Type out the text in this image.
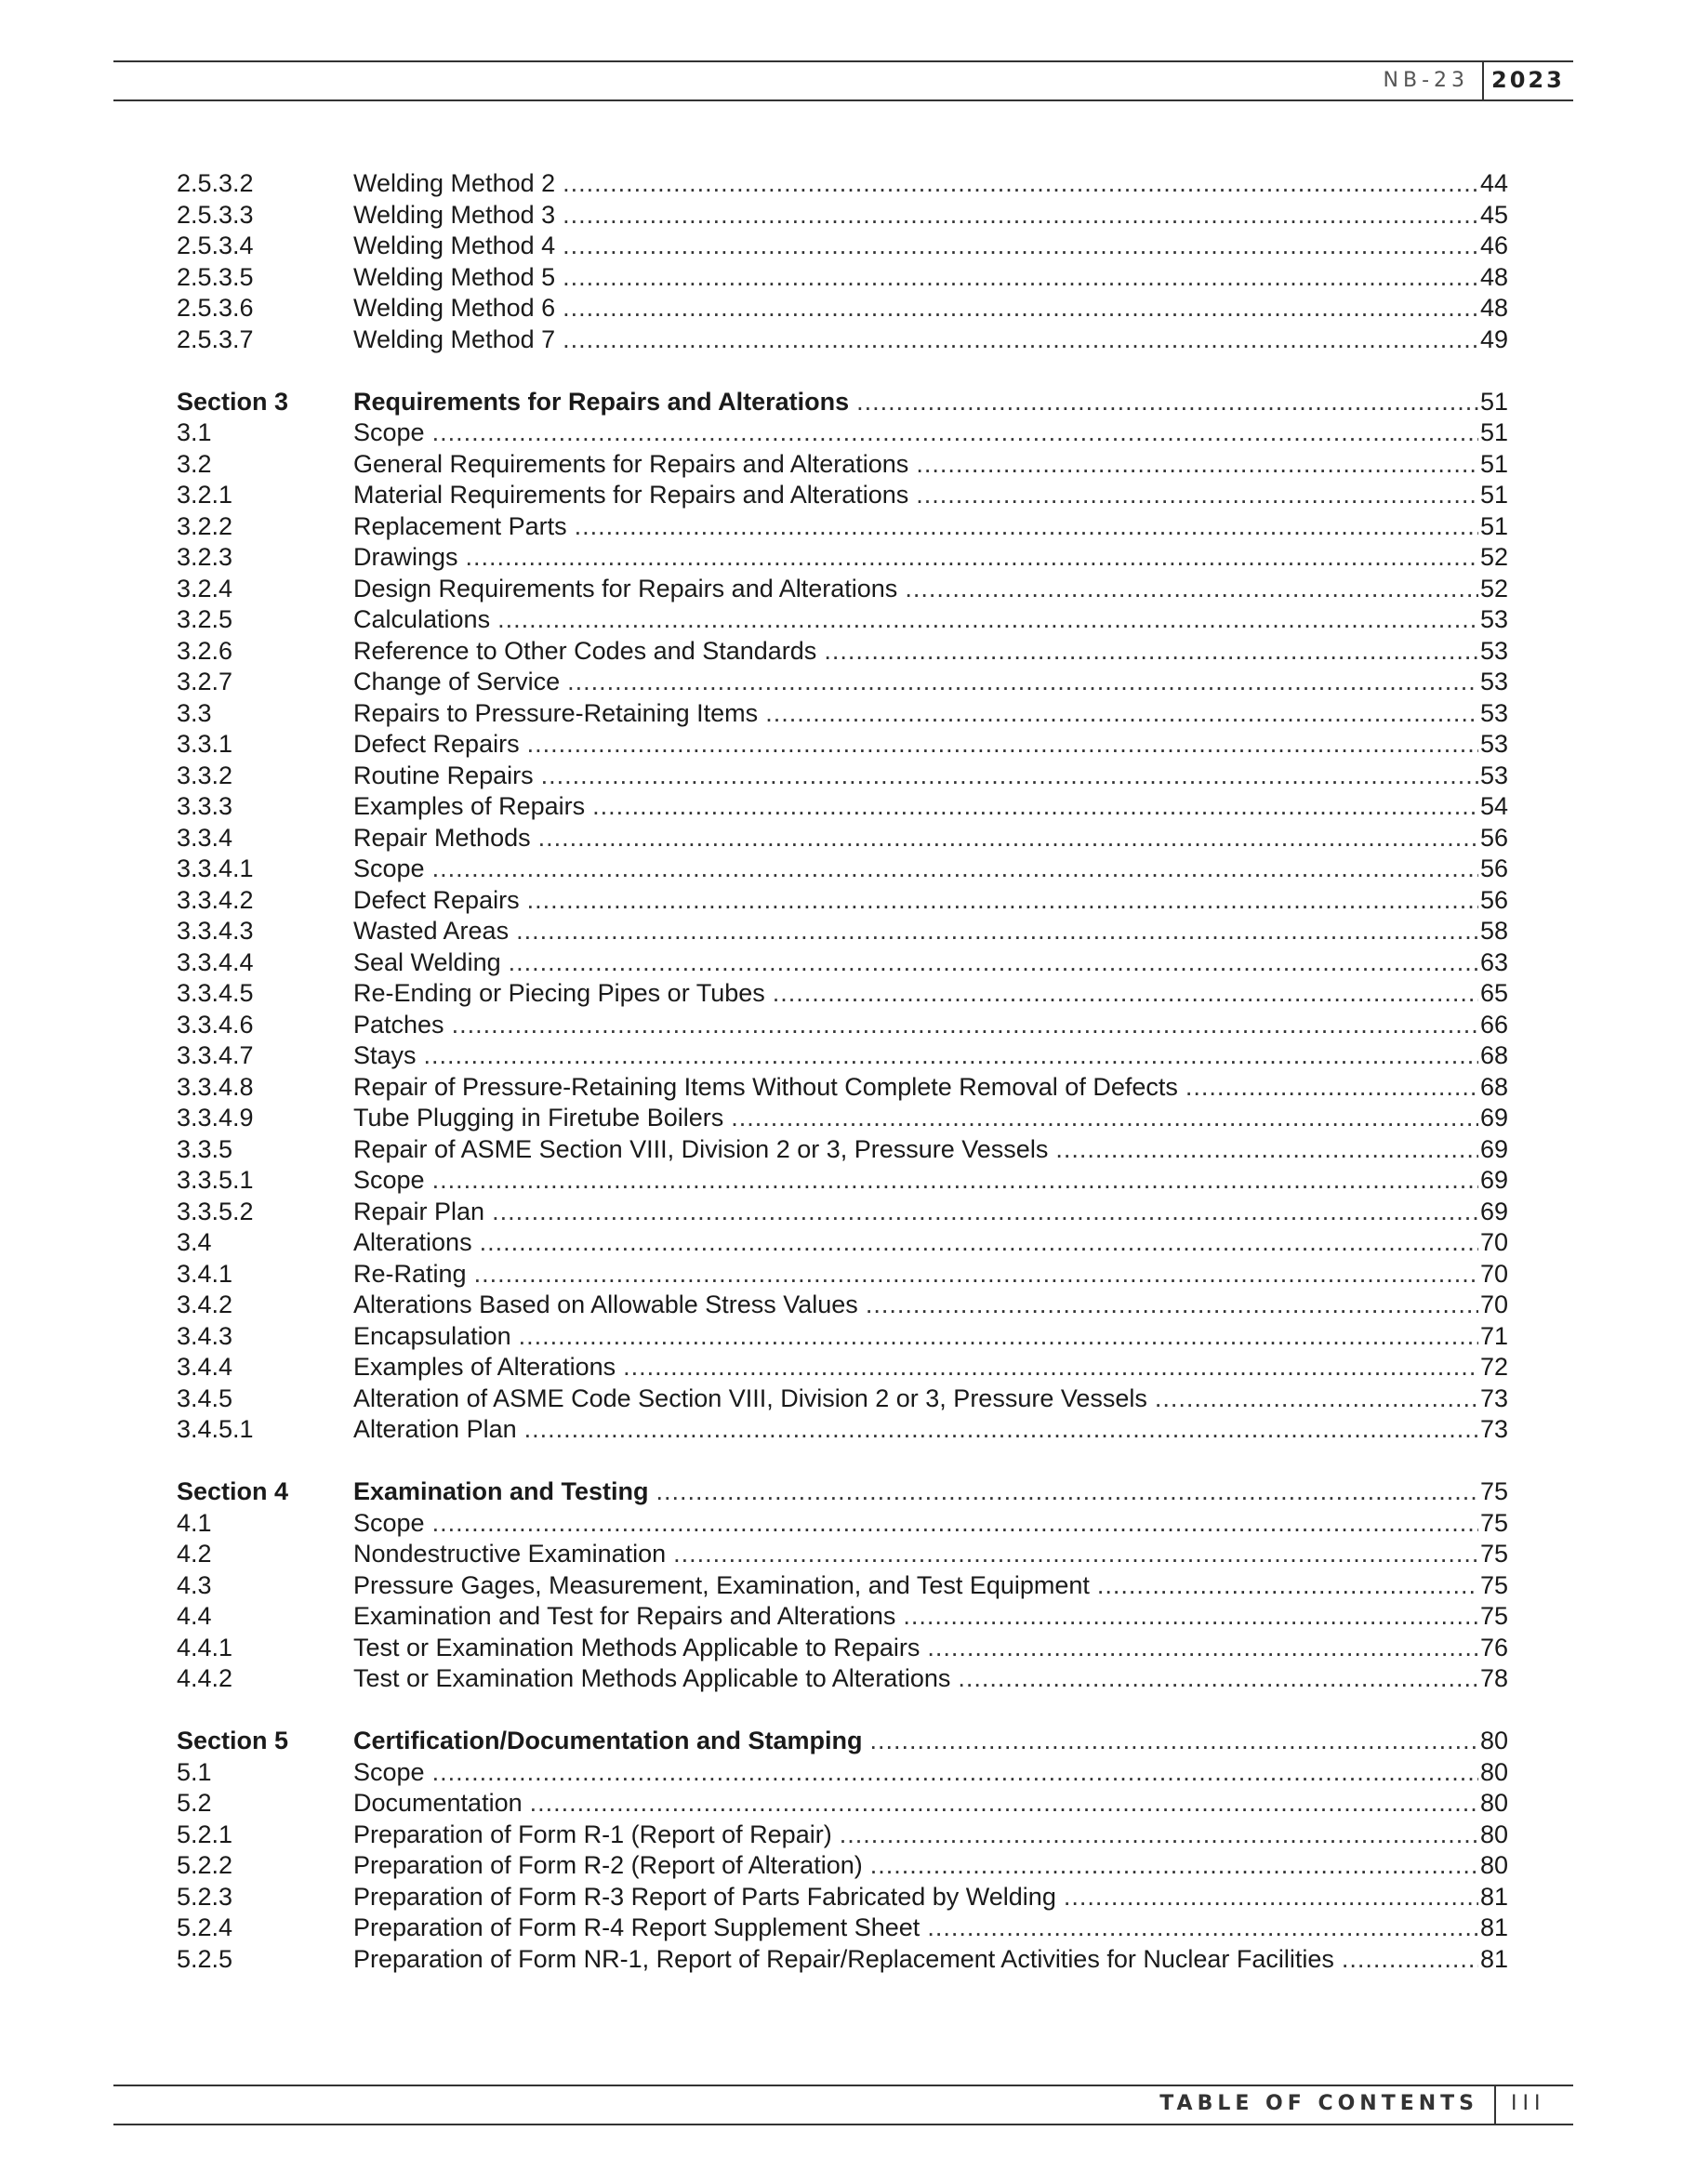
NB-23 2023
2.5.3.2	Welding Method 2 .....	44
2.5.3.3	Welding Method 3 .....	45
2.5.3.4	Welding Method 4 .....	46
2.5.3.5	Welding Method 5 .....	48
2.5.3.6	Welding Method 6 .....	48
2.5.3.7	Welding Method 7 .....	49
Section 3	Requirements for Repairs and Alterations .....	51
3.1	Scope .....	51
3.2	General Requirements for Repairs and Alterations .....	51
3.2.1	Material Requirements for Repairs and Alterations .....	51
3.2.2	Replacement Parts .....	51
3.2.3	Drawings .....	52
3.2.4	Design Requirements for Repairs and Alterations .....	52
3.2.5	Calculations .....	53
3.2.6	Reference to Other Codes and Standards .....	53
3.2.7	Change of Service .....	53
3.3	Repairs to Pressure-Retaining Items .....	53
3.3.1	Defect Repairs .....	53
3.3.2	Routine Repairs .....	53
3.3.3	Examples of Repairs .....	54
3.3.4	Repair Methods .....	56
3.3.4.1	Scope .....	56
3.3.4.2	Defect Repairs .....	56
3.3.4.3	Wasted Areas .....	58
3.3.4.4	Seal Welding .....	63
3.3.4.5	Re-Ending or Piecing Pipes or Tubes .....	65
3.3.4.6	Patches .....	66
3.3.4.7	Stays .....	68
3.3.4.8	Repair of Pressure-Retaining Items Without Complete Removal of Defects .....	68
3.3.4.9	Tube Plugging in Firetube Boilers .....	69
3.3.5	Repair of ASME Section VIII, Division 2 or 3, Pressure Vessels .....	69
3.3.5.1	Scope .....	69
3.3.5.2	Repair Plan .....	69
3.4	Alterations .....	70
3.4.1	Re-Rating .....	70
3.4.2	Alterations Based on Allowable Stress Values .....	70
3.4.3	Encapsulation .....	71
3.4.4	Examples of Alterations .....	72
3.4.5	Alteration of ASME Code Section VIII, Division 2 or 3, Pressure Vessels .....	73
3.4.5.1	Alteration Plan .....	73
Section 4	Examination and Testing .....	75
4.1	Scope .....	75
4.2	Nondestructive Examination .....	75
4.3	Pressure Gages, Measurement, Examination, and Test Equipment .....	75
4.4	Examination and Test for Repairs and Alterations .....	75
4.4.1	Test or Examination Methods Applicable to Repairs .....	76
4.4.2	Test or Examination Methods Applicable to Alterations .....	78
Section 5	Certification/Documentation and Stamping .....	80
5.1	Scope .....	80
5.2	Documentation .....	80
5.2.1	Preparation of Form R-1 (Report of Repair) .....	80
5.2.2	Preparation of Form R-2 (Report of Alteration) .....	80
5.2.3	Preparation of Form R-3 Report of Parts Fabricated by Welding .....	81
5.2.4	Preparation of Form R-4 Report Supplement Sheet .....	81
5.2.5	Preparation of Form NR-1, Report of Repair/Replacement Activities for Nuclear Facilities .....	81
TABLE OF CONTENTS III
